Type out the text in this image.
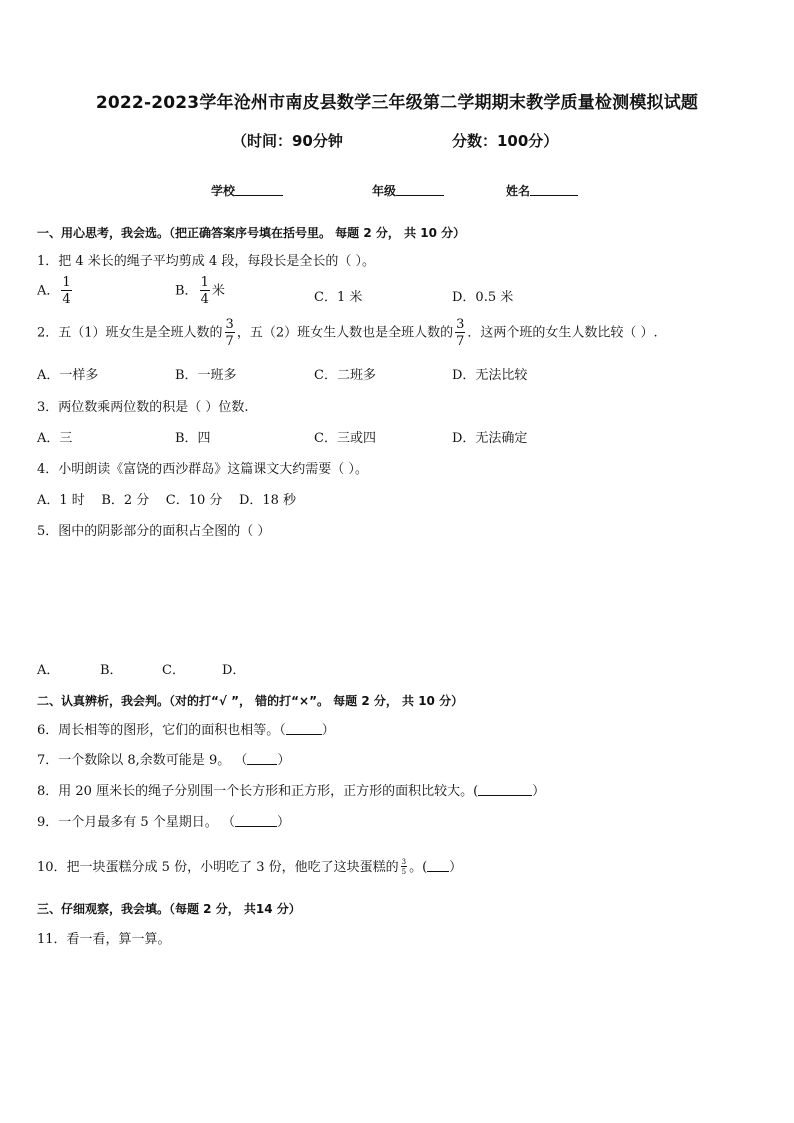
2022-2023学年沧州市南皮县数学三年级第二学期期末教学质量检测模拟试题
（时间：90分钟	分数：100分）
学校	年级	姓名
一、用心思考，我会选。（把正确答案序号填在括号里。 每题 2 分， 共 10 分）
1．把 4 米长的绳子平均剪成 4 段，每段长是全长的（ ）。
A． $\frac{1}{4}$	B． $\frac{1}{4}$ 米	C．1 米	D．0.5 米
2．五（1）班女生是全班人数的 $\frac{3}{7}$ ，五（2）班女生人数也是全班人数的 $\frac{3}{7}$ ．这两个班的女生人数比较（ ）.
A．一样多	B．一班多	C．二班多	D．无法比较
3．两位数乘两位数的积是（ ）位数.
A．三	B．四	C．三或四	D．无法确定
4．小明朗读《富饶的西沙群岛》这篇课文大约需要（ ）。
A．1 时    B．2 分    C．10 分    D．18 秒
5．图中的阴影部分的面积占全图的（ ）
A．	B．	C．	D．
二、认真辨析，我会判。（对的打“√ ”， 错的打“×”。 每题 2 分， 共 10 分）
6．周长相等的图形，它们的面积也相等。（	）
7．一个数除以 8,余数可能是 9。 （ ）
8．用 20 厘米长的绳子分别围一个长方形和正方形，正方形的面积比较大。(	）
9．一个月最多有 5 个星期日。 （	）
10．把一块蛋糕分成 5 份，小明吃了 3 份，他吃了这块蛋糕的 $\frac{3}{5}$ 。( ）
三、仔细观察，我会填。（每题 2 分， 共14 分）
11．看一看，算一算。
